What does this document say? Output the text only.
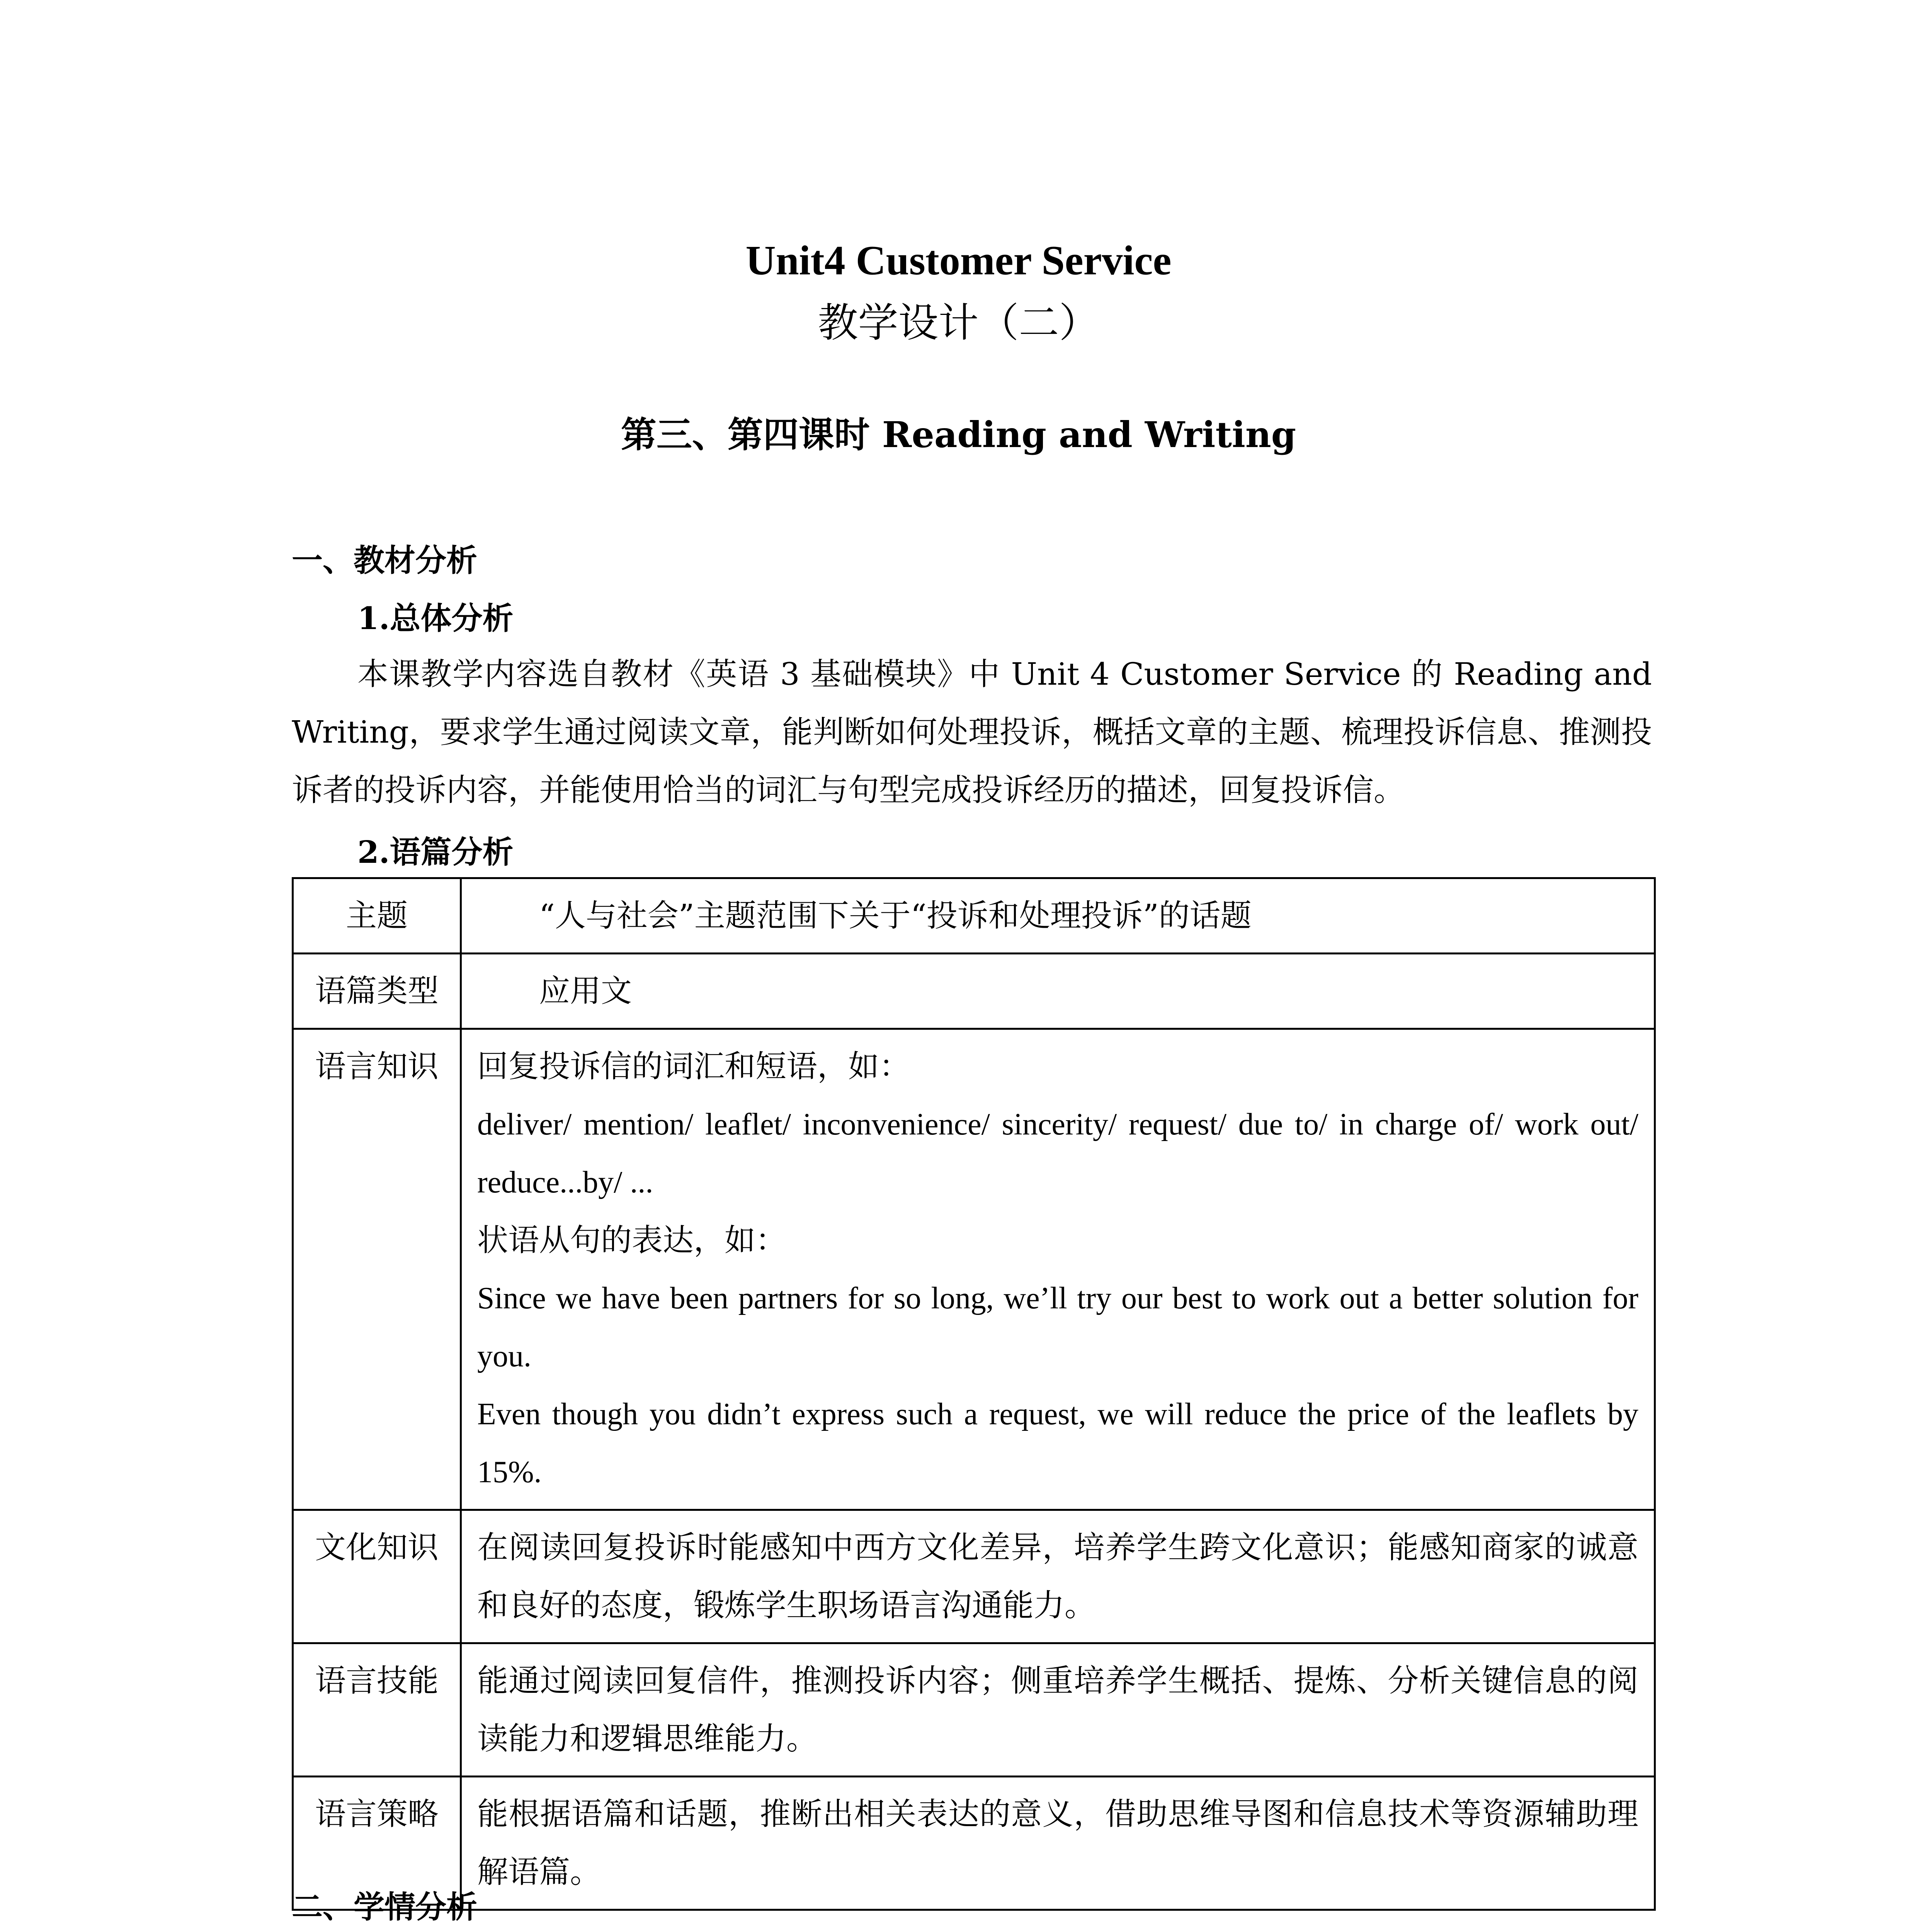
Unit4 Customer Service
教学设计（二）
第三、第四课时 Reading and Writing
一、教材分析
1.总体分析
本课教学内容选自教材《英语 3 基础模块》中 Unit 4 Customer Service 的 Reading and Writing，要求学生通过阅读文章，能判断如何处理投诉，概括文章的主题、梳理投诉信息、推测投诉者的投诉内容，并能使用恰当的词汇与句型完成投诉经历的描述，回复投诉信。
2.语篇分析
主题	“人与社会”主题范围下关于“投诉和处理投诉”的话题

语篇类型	应用文

语言知识	回复投诉信的词汇和短语，如：
deliver/ mention/ leaflet/ inconvenience/ sincerity/ request/ due to/ in charge of/ work out/ reduce...by/ ...
状语从句的表达，如：
Since we have been partners for so long, we’ll try our best to work out a better solution for you.
Even though you didn’t express such a request, we will reduce the price of the leaflets by 15%.

文化知识	在阅读回复投诉时能感知中西方文化差异，培养学生跨文化意识；能感知商家的诚意和良好的态度，锻炼学生职场语言沟通能力。

语言技能	能通过阅读回复信件，推测投诉内容；侧重培养学生概括、提炼、分析关键信息的阅读能力和逻辑思维能力。

语言策略	能根据语篇和话题，推断出相关表达的意义，借助思维导图和信息技术等资源辅助理解语篇。
二、学情分析
